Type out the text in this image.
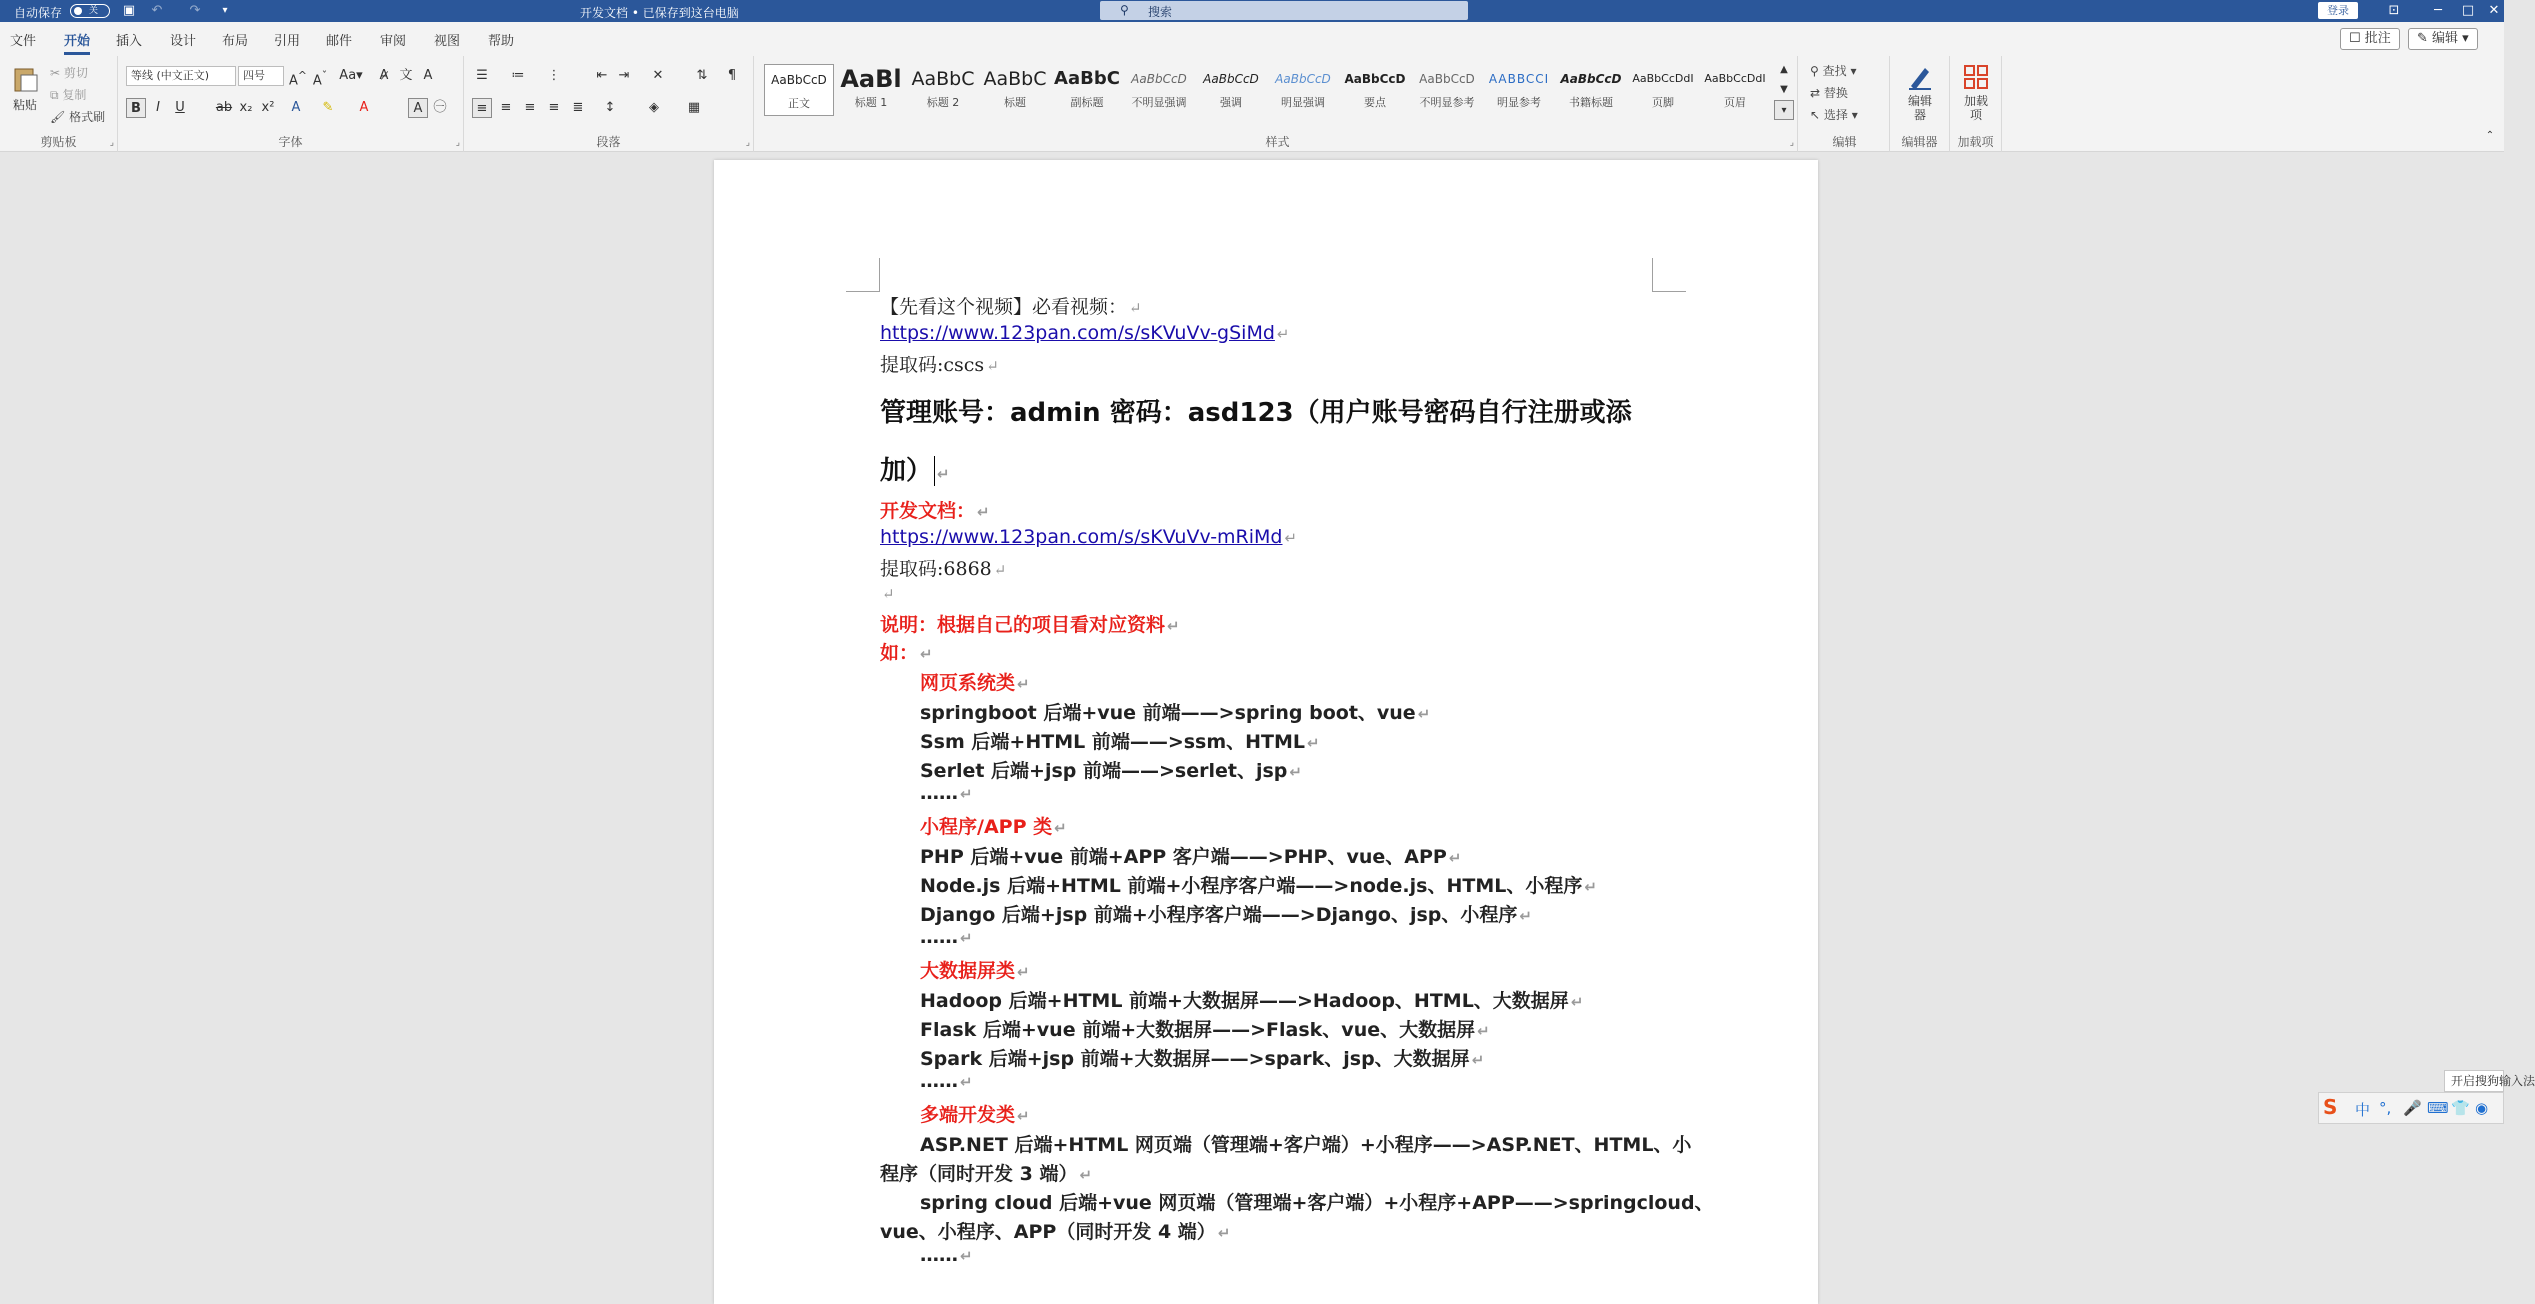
自动保存	关	▣ ↶ ↷	▾	开发文档 • 已保存到这台电脑	⚲ 搜索	登录	⊡	─	□	✕
文件 开始 插入 设计 布局 引用 邮件 审阅 视图 帮助	☐ 批注	✎ 编辑 ▾
粘贴
✂ 剪切
⧉ 复制
🖌 格式刷
剪贴板	⌟
等线 (中文正文)	四号	A^ $A^ˇ$ Aa▾	A̷ 文 A
B	I	U	ab x₂ x²	A	✎	A	A ㊀
字体	⌟
☰	≔ ⋮	⇤ ⇥	✕	⇅	¶
≡	≡	≡	≡	≣	↕	◈	▦
段落	⌟
AaBbCcD
正文
AaBl
标题 1
AaBbC
标题 2
AaBbC
标题
AaBbC
副标题
AaBbCcD
不明显强调
AaBbCcD
强调
AaBbCcD
明显强调
AaBbCcD
要点
AaBbCcD
不明显参考
AABBCCI
明显参考
AaBbCcD
书籍标题
AaBbCcDdI
页脚
AaBbCcDdI
页眉
▲
▼
▾
样式	⌟
⚲ 查找 ▾
⇄ 替换
↖ 选择 ▾
编辑
编辑器
编辑器
加载项
加载项	⌃
【先看这个视频】必看视频： ↵
https://www.123pan.com/s/sKVuVv-gSiMd ↵
提取码:cscs ↵
管理账号：admin 密码：asd123（用户账号密码自行注册或添
加） ↵
开发文档： ↵
https://www.123pan.com/s/sKVuVv-mRiMd ↵
提取码:6868 ↵
↵
说明：根据自己的项目看对应资料 ↵
如： ↵
网页系统类 ↵
springboot 后端+vue 前端——>spring boot、vue ↵
Ssm 后端+HTML 前端——>ssm、HTML ↵
Serlet 后端+jsp 前端——>serlet、jsp ↵
…… ↵
小程序/APP 类 ↵
PHP 后端+vue 前端+APP 客户端——>PHP、vue、APP ↵
Node.js 后端+HTML 前端+小程序客户端——>node.js、HTML、小程序 ↵
Django 后端+jsp 前端+小程序客户端——>Django、jsp、小程序 ↵
…… ↵
大数据屏类 ↵
Hadoop 后端+HTML 前端+大数据屏——>Hadoop、HTML、大数据屏 ↵
Flask 后端+vue 前端+大数据屏——>Flask、vue、大数据屏 ↵
Spark 后端+jsp 前端+大数据屏——>spark、jsp、大数据屏 ↵
…… ↵
多端开发类 ↵
ASP.NET 后端+HTML 网页端（管理端+客户端）+小程序——>ASP.NET、HTML、小
程序（同时开发 3 端） ↵
spring cloud 后端+vue 网页端（管理端+客户端）+小程序+APP——>springcloud、
vue、小程序、APP（同时开发 4 端） ↵
…… ↵
开启搜狗输入法
S 中 °, 🎤 ⌨ 👕 ◉
